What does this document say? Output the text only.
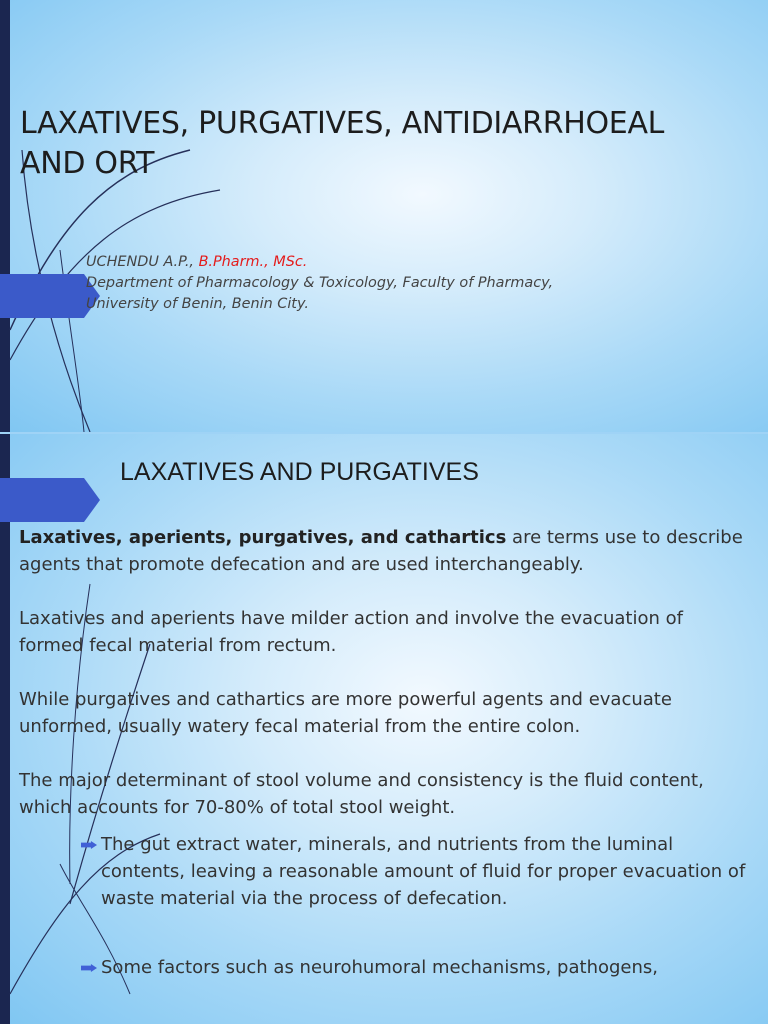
LAXATIVES, PURGATIVES, ANTIDIARRHOEAL
AND ORT
UCHENDU A.P., B.Pharm., MSc.
Department of Pharmacology & Toxicology, Faculty of Pharmacy,
University of Benin, Benin City.
LAXATIVES AND PURGATIVES

Laxatives, aperients, purgatives, and cathartics are terms use to describe agents that promote defecation and are used interchangeably.

Laxatives and aperients have milder action and involve the evacuation of formed fecal material from rectum.

While purgatives and cathartics are more powerful agents and evacuate unformed, usually watery fecal material from the entire colon.

The major determinant of stool volume and consistency is the fluid content, which accounts for 70-80% of total stool weight.

The gut extract water, minerals, and nutrients from the luminal contents, leaving a reasonable amount of fluid for proper evacuation of waste material via the process of defecation.
Some factors such as neurohumoral mechanisms, pathogens,
